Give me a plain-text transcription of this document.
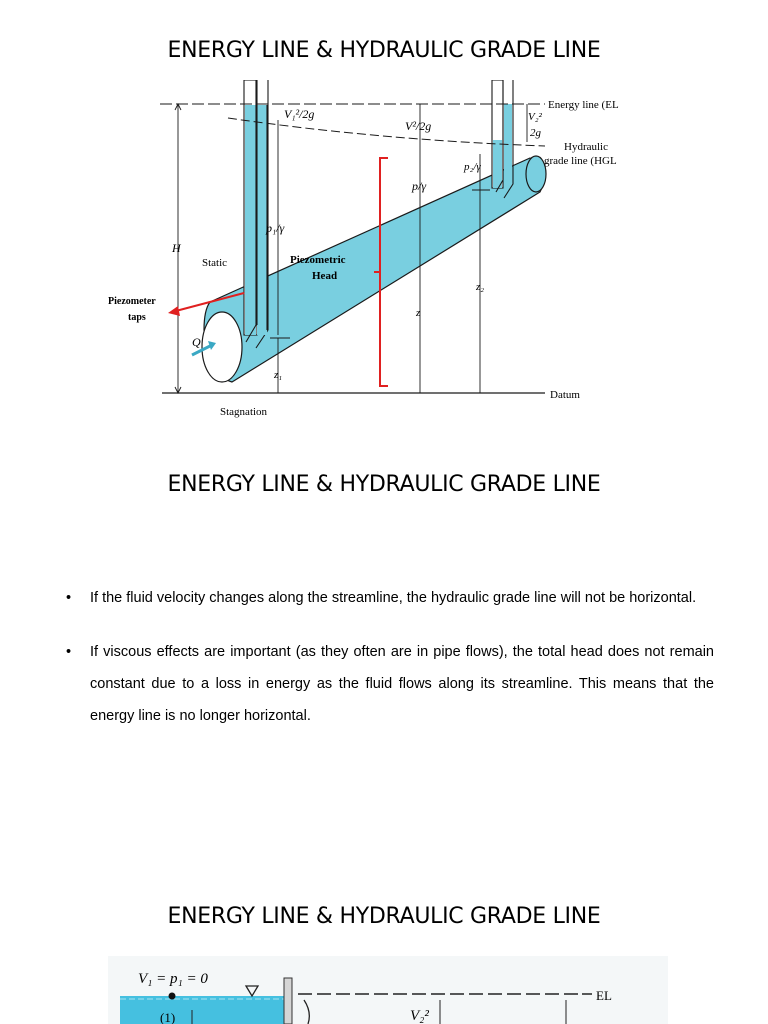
ENERGY LINE & HYDRAULIC GRADE LINE
Energy line (EL
Hydraulic
grade line (HGL
V₁²/2g
V²/2g
V₂²
2g
p₁/γ
p/γ
p₂/γ
H
Static	Piezometric
Head
Piezometer
taps
Q
z
z₁
z₂
Datum
Stagnation
ENERGY LINE & HYDRAULIC GRADE LINE
• If the fluid velocity changes along the streamline, the hydraulic grade line will not be horizontal.
• If viscous effects are important (as they often are in pipe flows), the total head does not remain constant due to a loss in energy as the fluid flows along its streamline. This means that the energy line is no longer horizontal.
ENERGY LINE & HYDRAULIC GRADE LINE
V₁ = p₁ = 0
(1)
EL
V₂²
